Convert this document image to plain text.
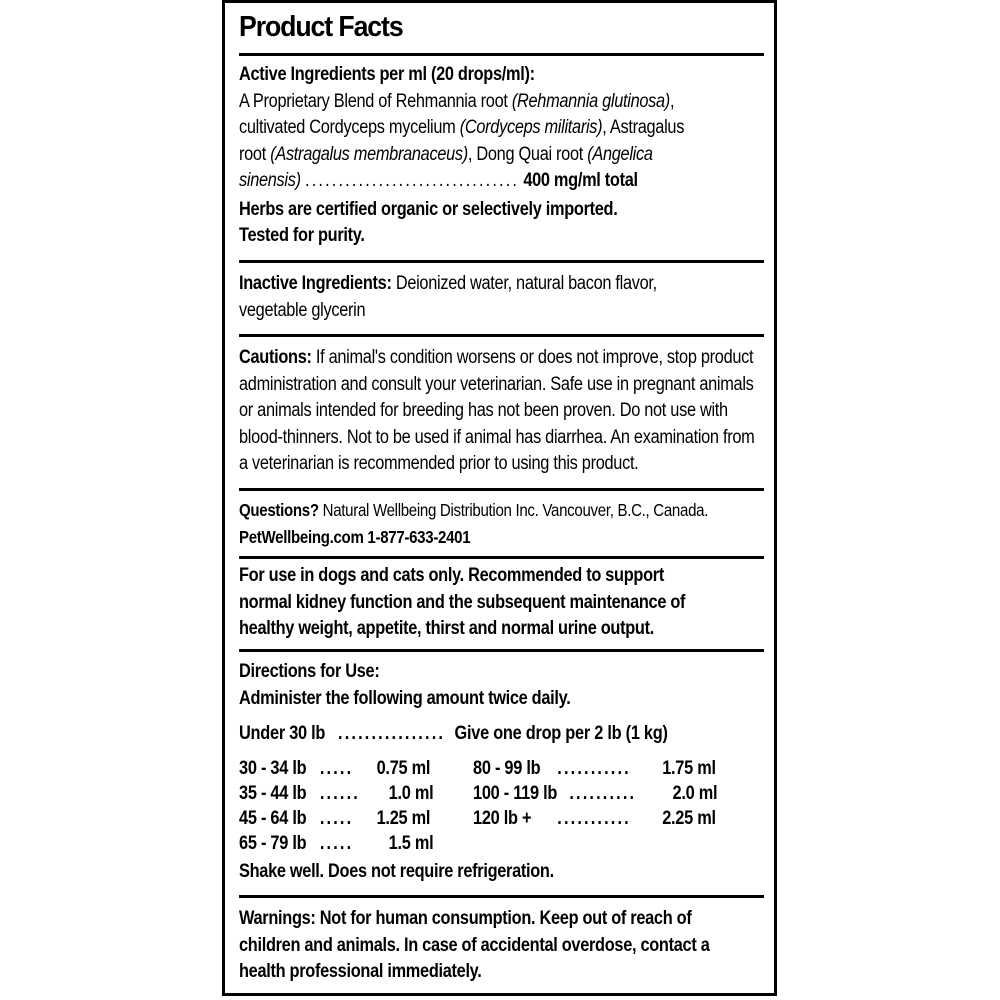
Product Facts
Active Ingredients per ml (20 drops/ml):
A Proprietary Blend of Rehmannia root (Rehmannia glutinosa),
cultivated Cordyceps mycelium (Cordyceps militaris), Astragalus
root (Astragalus membranaceus), Dong Quai root (Angelica
sinensis) ................................ 400 mg/ml total
Herbs are certified organic or selectively imported.
Tested for purity.
Inactive Ingredients: Deionized water, natural bacon flavor,
vegetable glycerin
Cautions: If animal's condition worsens or does not improve, stop product
administration and consult your veterinarian. Safe use in pregnant animals
or animals intended for breeding has not been proven. Do not use with
blood-thinners. Not to be used if animal has diarrhea. An examination from
a veterinarian is recommended prior to using this product.
Questions? Natural Wellbeing Distribution Inc. Vancouver, B.C., Canada.
PetWellbeing.com 1-877-633-2401
For use in dogs and cats only. Recommended to support
normal kidney function and the subsequent maintenance of
healthy weight, appetite, thirst and normal urine output.
Directions for Use:
Administer the following amount twice daily.
Under 30 lb ................ Give one drop per 2 lb (1 kg)
30 - 34 lb ..... 0.75 ml
35 - 44 lb ...... 1.0 ml
45 - 64 lb ..... 1.25 ml
65 - 79 lb ..... 1.5 ml
80 - 99 lb ........... 1.75 ml
100 - 119 lb .......... 2.0 ml
120 lb + ........... 2.25 ml
Shake well. Does not require refrigeration.
Warnings: Not for human consumption. Keep out of reach of
children and animals. In case of accidental overdose, contact a
health professional immediately.
